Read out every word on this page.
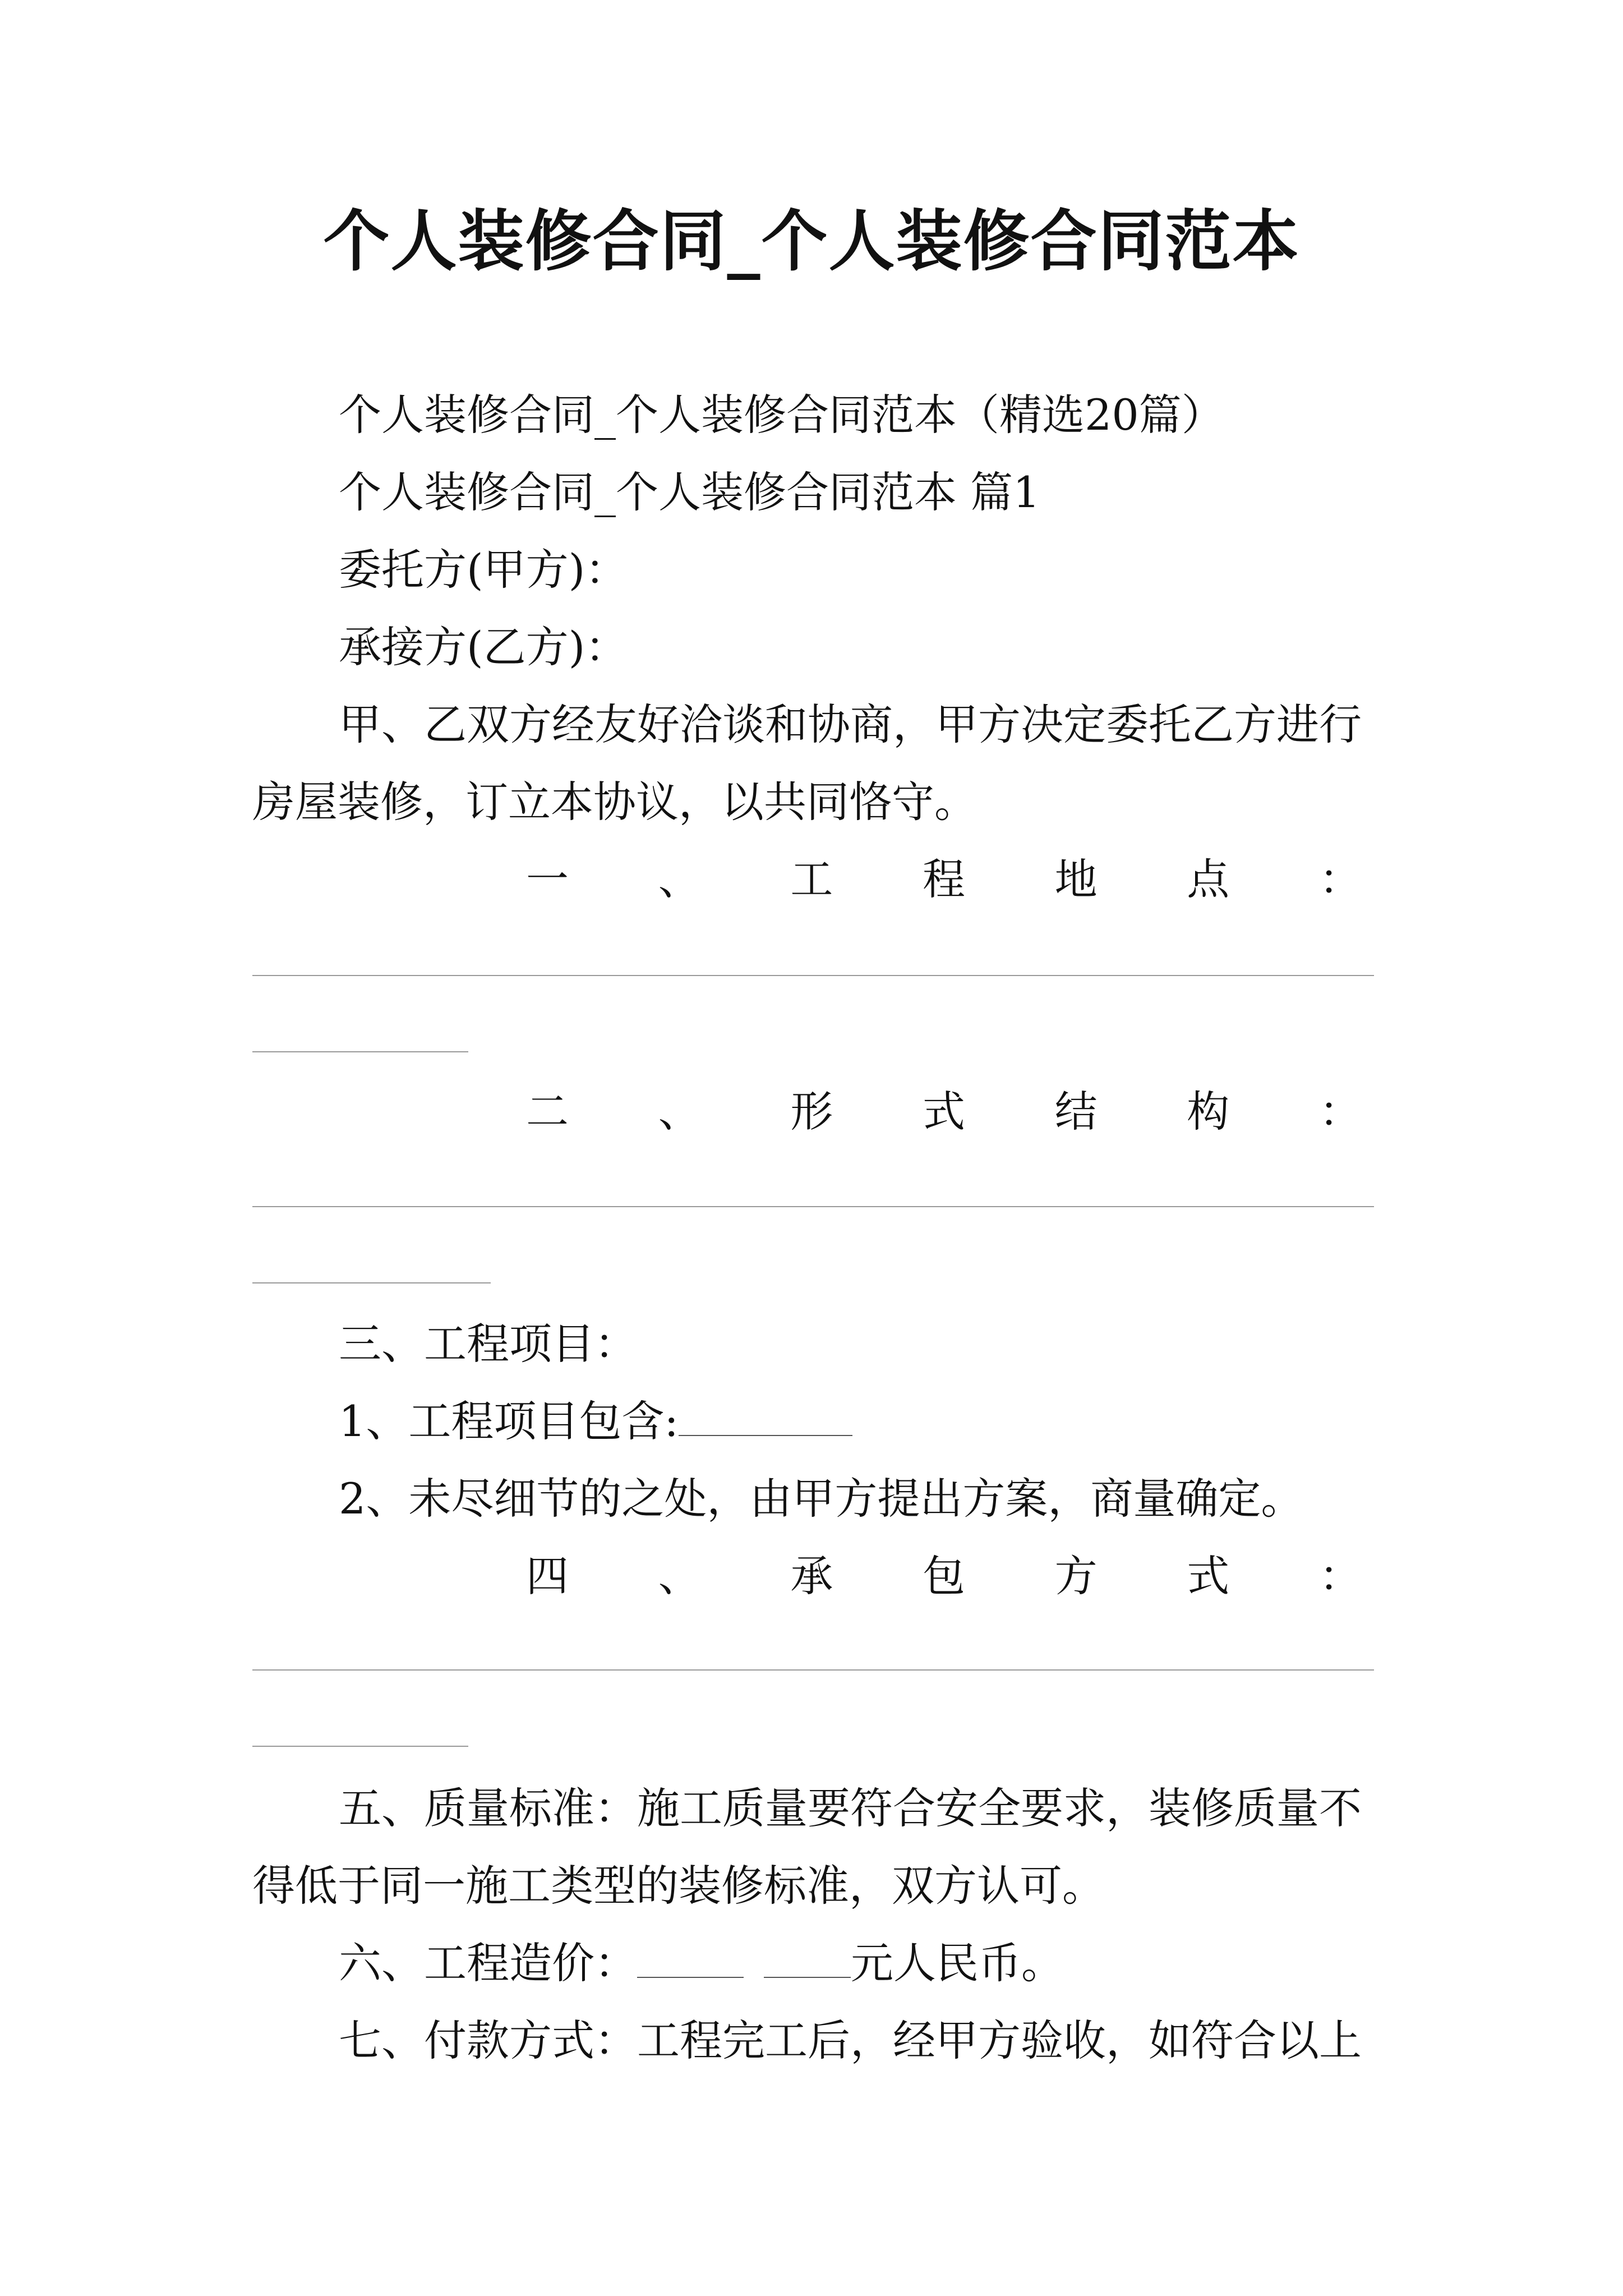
个人装修合同_个人装修合同范本
个人装修合同_个人装修合同范本（精选20篇）
个人装修合同_个人装修合同范本 篇1
委托方(甲方)：
承接方(乙方)：
甲、乙双方经友好洽谈和协商，甲方决定委托乙方进行
房屋装修，订立本协议，以共同恪守。
一 、 工 程 地 点 ：
二 、 形 式 结 构 ：
三、工程项目：
1、工程项目包含:
2、未尽细节的之处，由甲方提出方案，商量确定。
四 、 承 包 方 式 ：
五、质量标准：施工质量要符合安全要求，装修质量不
得低于同一施工类型的装修标准，双方认可。
六、工程造价：	元人民币。
七、付款方式：工程完工后，经甲方验收，如符合以上
